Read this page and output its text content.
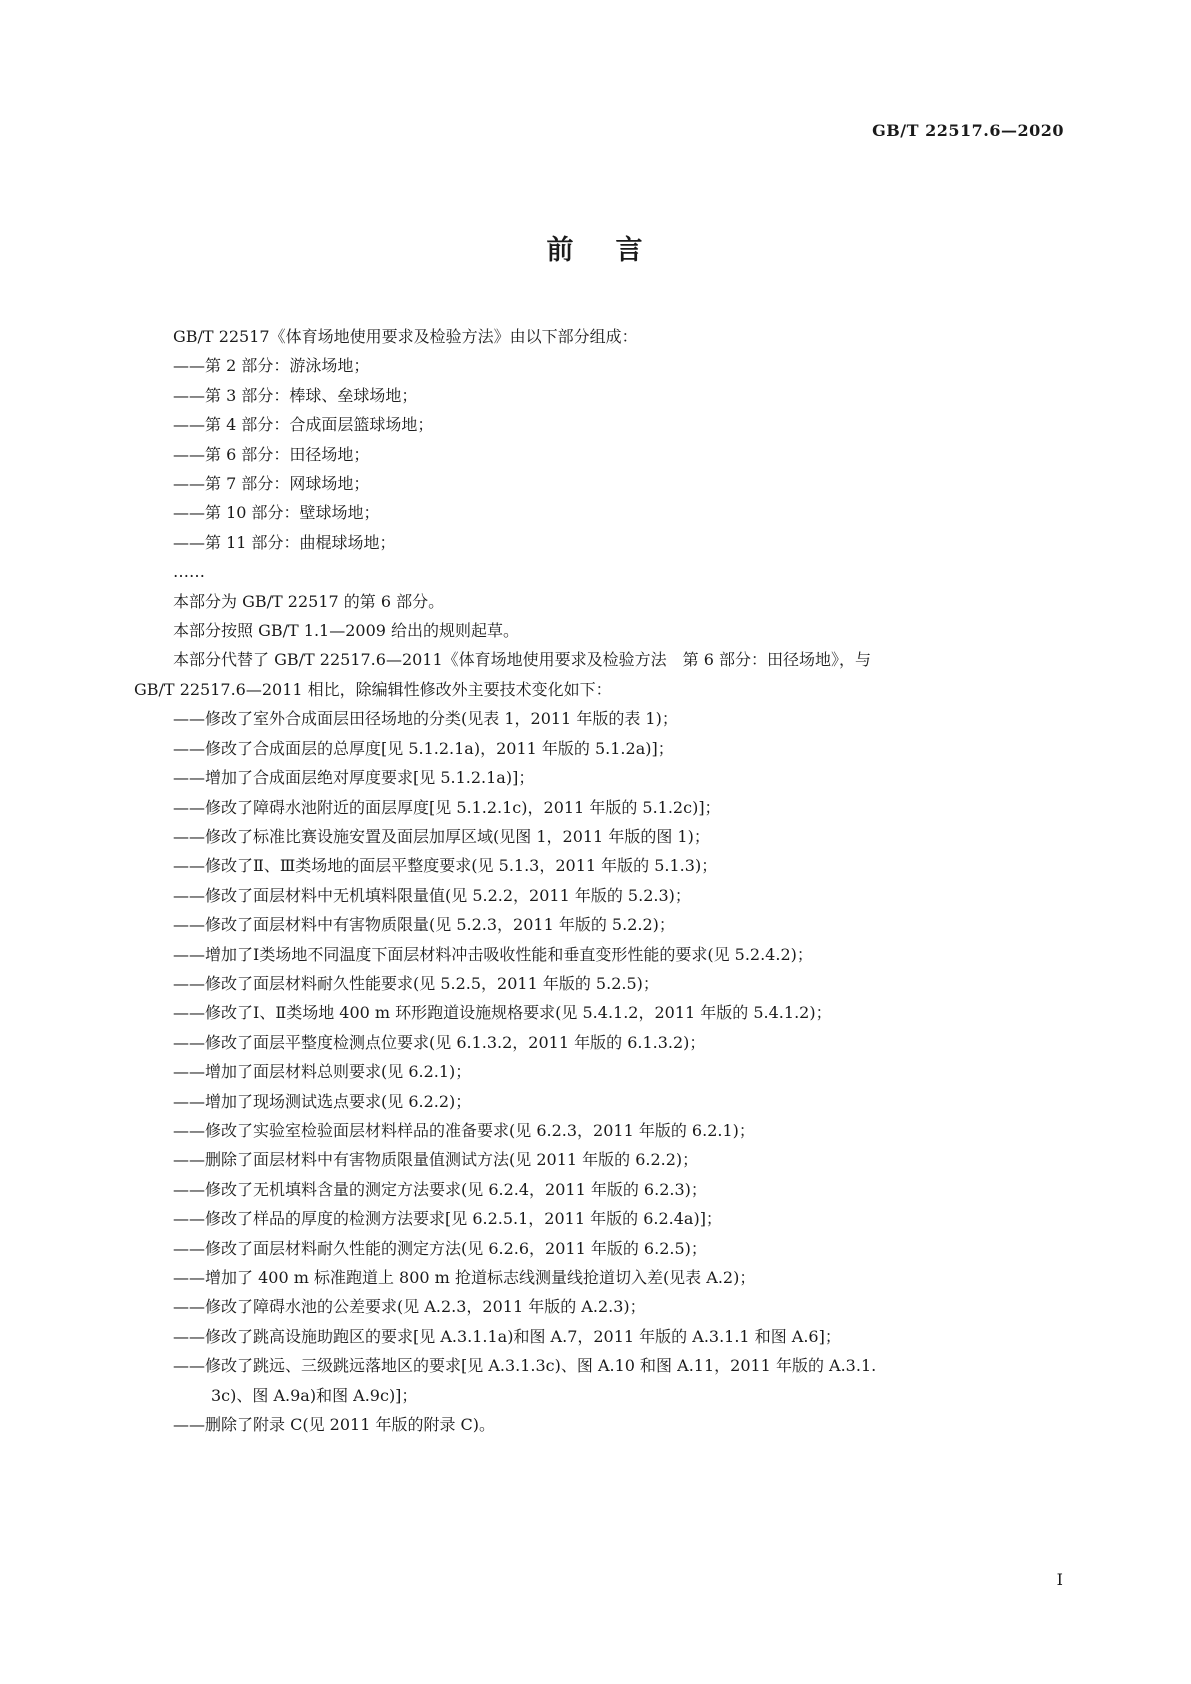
GB/T 22517.6—2020
前 言
GB/T 22517《体育场地使用要求及检验方法》由以下部分组成：
——第 2 部分：游泳场地；
——第 3 部分：棒球、垒球场地；
——第 4 部分：合成面层篮球场地；
——第 6 部分：田径场地；
——第 7 部分：网球场地；
——第 10 部分：壁球场地；
——第 11 部分：曲棍球场地；
……
本部分为 GB/T 22517 的第 6 部分。
本部分按照 GB/T 1.1—2009 给出的规则起草。
本部分代替了 GB/T 22517.6—2011《体育场地使用要求及检验方法　第 6 部分：田径场地》，与
GB/T 22517.6—2011 相比，除编辑性修改外主要技术变化如下：
——修改了室外合成面层田径场地的分类(见表 1，2011 年版的表 1)；
——修改了合成面层的总厚度[见 5.1.2.1a)，2011 年版的 5.1.2a)]；
——增加了合成面层绝对厚度要求[见 5.1.2.1a)]；
——修改了障碍水池附近的面层厚度[见 5.1.2.1c)，2011 年版的 5.1.2c)]；
——修改了标准比赛设施安置及面层加厚区域(见图 1，2011 年版的图 1)；
——修改了Ⅱ、Ⅲ类场地的面层平整度要求(见 5.1.3，2011 年版的 5.1.3)；
——修改了面层材料中无机填料限量值(见 5.2.2，2011 年版的 5.2.3)；
——修改了面层材料中有害物质限量(见 5.2.3，2011 年版的 5.2.2)；
——增加了Ⅰ类场地不同温度下面层材料冲击吸收性能和垂直变形性能的要求(见 5.2.4.2)；
——修改了面层材料耐久性能要求(见 5.2.5，2011 年版的 5.2.5)；
——修改了Ⅰ、Ⅱ类场地 400 m 环形跑道设施规格要求(见 5.4.1.2，2011 年版的 5.4.1.2)；
——修改了面层平整度检测点位要求(见 6.1.3.2，2011 年版的 6.1.3.2)；
——增加了面层材料总则要求(见 6.2.1)；
——增加了现场测试选点要求(见 6.2.2)；
——修改了实验室检验面层材料样品的准备要求(见 6.2.3，2011 年版的 6.2.1)；
——删除了面层材料中有害物质限量值测试方法(见 2011 年版的 6.2.2)；
——修改了无机填料含量的测定方法要求(见 6.2.4，2011 年版的 6.2.3)；
——修改了样品的厚度的检测方法要求[见 6.2.5.1，2011 年版的 6.2.4a)]；
——修改了面层材料耐久性能的测定方法(见 6.2.6，2011 年版的 6.2.5)；
——增加了 400 m 标准跑道上 800 m 抢道标志线测量线抢道切入差(见表 A.2)；
——修改了障碍水池的公差要求(见 A.2.3，2011 年版的 A.2.3)；
——修改了跳高设施助跑区的要求[见 A.3.1.1a)和图 A.7，2011 年版的 A.3.1.1 和图 A.6]；
——修改了跳远、三级跳远落地区的要求[见 A.3.1.3c)、图 A.10 和图 A.11，2011 年版的 A.3.1.
3c)、图 A.9a)和图 A.9c)]；
——删除了附录 C(见 2011 年版的附录 C)。
I
